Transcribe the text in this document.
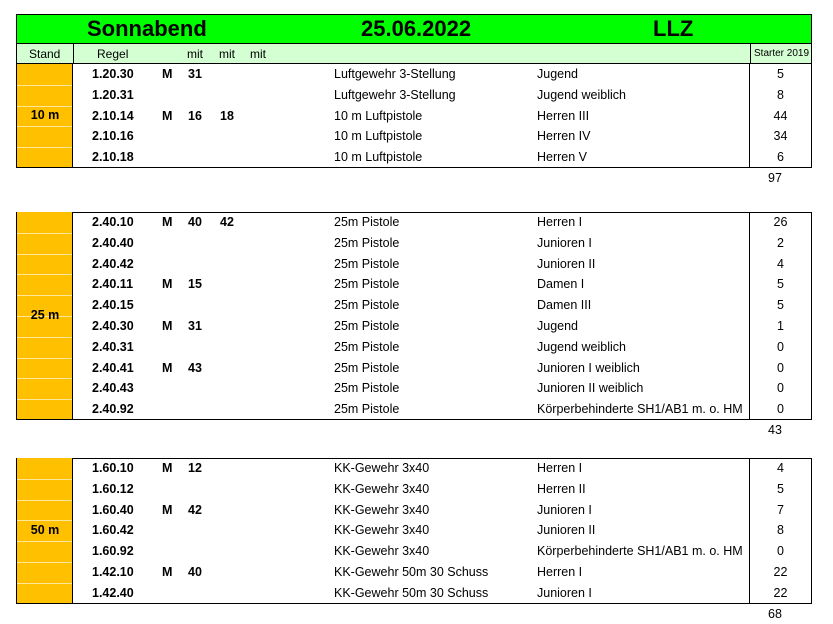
Sonnabend	25.06.2022	LLZ
Stand	Regel	mit mit mit	Starter 2019
10 m
1.20.30 M 31	Luftgewehr 3-Stellung	Jugend	5
1.20.31	Luftgewehr 3-Stellung	Jugend weiblich	8
2.10.14 M 16 18	10 m Luftpistole	Herren III	44
2.10.16	10 m Luftpistole	Herren IV	34
2.10.18	10 m Luftpistole	Herren V	6
97
25 m
2.40.10 M 40 42	25m Pistole	Herren I	26
2.40.40	25m Pistole	Junioren I	2
2.40.42	25m Pistole	Junioren II	4
2.40.11 M 15	25m Pistole	Damen I	5
2.40.15	25m Pistole	Damen III	5
2.40.30 M 31	25m Pistole	Jugend	1
2.40.31	25m Pistole	Jugend weiblich	0
2.40.41 M 43	25m Pistole	Junioren I weiblich	0
2.40.43	25m Pistole	Junioren II weiblich	0
2.40.92	25m Pistole	Körperbehinderte SH1/AB1 m. o. HM	0
43
50 m
1.60.10 M 12	KK-Gewehr 3x40	Herren I	4
1.60.12	KK-Gewehr 3x40	Herren II	5
1.60.40 M 42	KK-Gewehr 3x40	Junioren I	7
1.60.42	KK-Gewehr 3x40	Junioren II	8
1.60.92	KK-Gewehr 3x40	Körperbehinderte SH1/AB1 m. o. HM	0
1.42.10 M 40	KK-Gewehr 50m 30 Schuss	Herren I	22
1.42.40	KK-Gewehr 50m 30 Schuss	Junioren I	22
68
